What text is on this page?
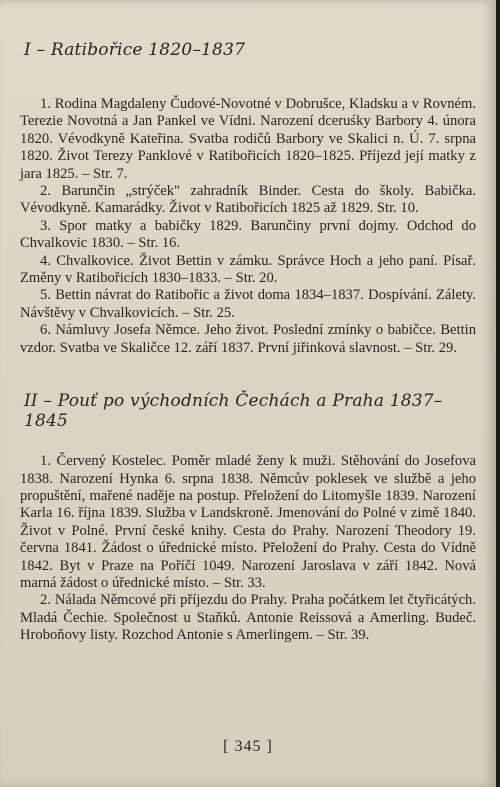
I – Ratibořice 1820–1837

1. Rodina Magdaleny Čudové-Novotné v Dobrušce, Kladsku a v Rovném. Terezie Novotná a Jan Pankel ve Vídni. Narození dceruśky Barbory 4. února 1820. Vévodkyně Kateřina. Svatba rodičů Barbory ve Skalici n. Ú. 7. srpna 1820. Život Terezy Panklové v Ratibořicích 1820–1825. Příjezd její matky z jara 1825. – Str. 7.

2. Barunčin „strýček" zahradník Binder. Cesta do školy. Babička. Vévodkyně. Kamarádky. Život v Ratibořicích 1825 až 1829. Str. 10.

3. Spor matky a babičky 1829. Barunčiny první dojmy. Odchod do Chvalkovic 1830. – Str. 16.

4. Chvalkovice. Život Bettin v zámku. Správce Hoch a jeho paní. Písař. Změny v Ratibořicích 1830–1833. – Str. 20.

5. Bettin návrat do Ratibořic a život doma 1834–1837. Dospívání. Zálety. Návštěvy v Chvalkovicích. – Str. 25.

6. Námluvy Josefa Němce. Jeho život. Poslední zmínky o babičce. Bettin vzdor. Svatba ve Skaličce 12. září 1837. První jiřinková slavnost. – Str. 29.

II – Pouť po východních Čechách a Praha 1837–1845

1. Červený Kostelec. Poměr mladé ženy k muži. Stěhování do Josefova 1838. Narození Hynka 6. srpna 1838. Němcův poklesek ve službě a jeho propuštění, mařené naděje na postup. Přeložení do Litomyšle 1839. Narození Karla 16. října 1839. Služba v Landskroně. Jmenování do Polné v zimě 1840. Život v Polné. První české knihy. Cesta do Prahy. Narození Theodory 19. června 1841. Žádost o úřednické místo. Přeložení do Prahy. Cesta do Vídně 1842. Byt v Praze na Poříčí 1049. Narození Jaroslava v září 1842. Nová marná žádost o úřednické místo. – Str. 33.

2. Nálada Němcové při příjezdu do Prahy. Praha počátkem let čtyřicátých. Mladá Čechie. Společnost u Staňků. Antonie Reissová a Amerling. Budeč. Hroboňovy listy. Rozchod Antonie s Amerlingem. – Str. 39.

[ 345 ]
